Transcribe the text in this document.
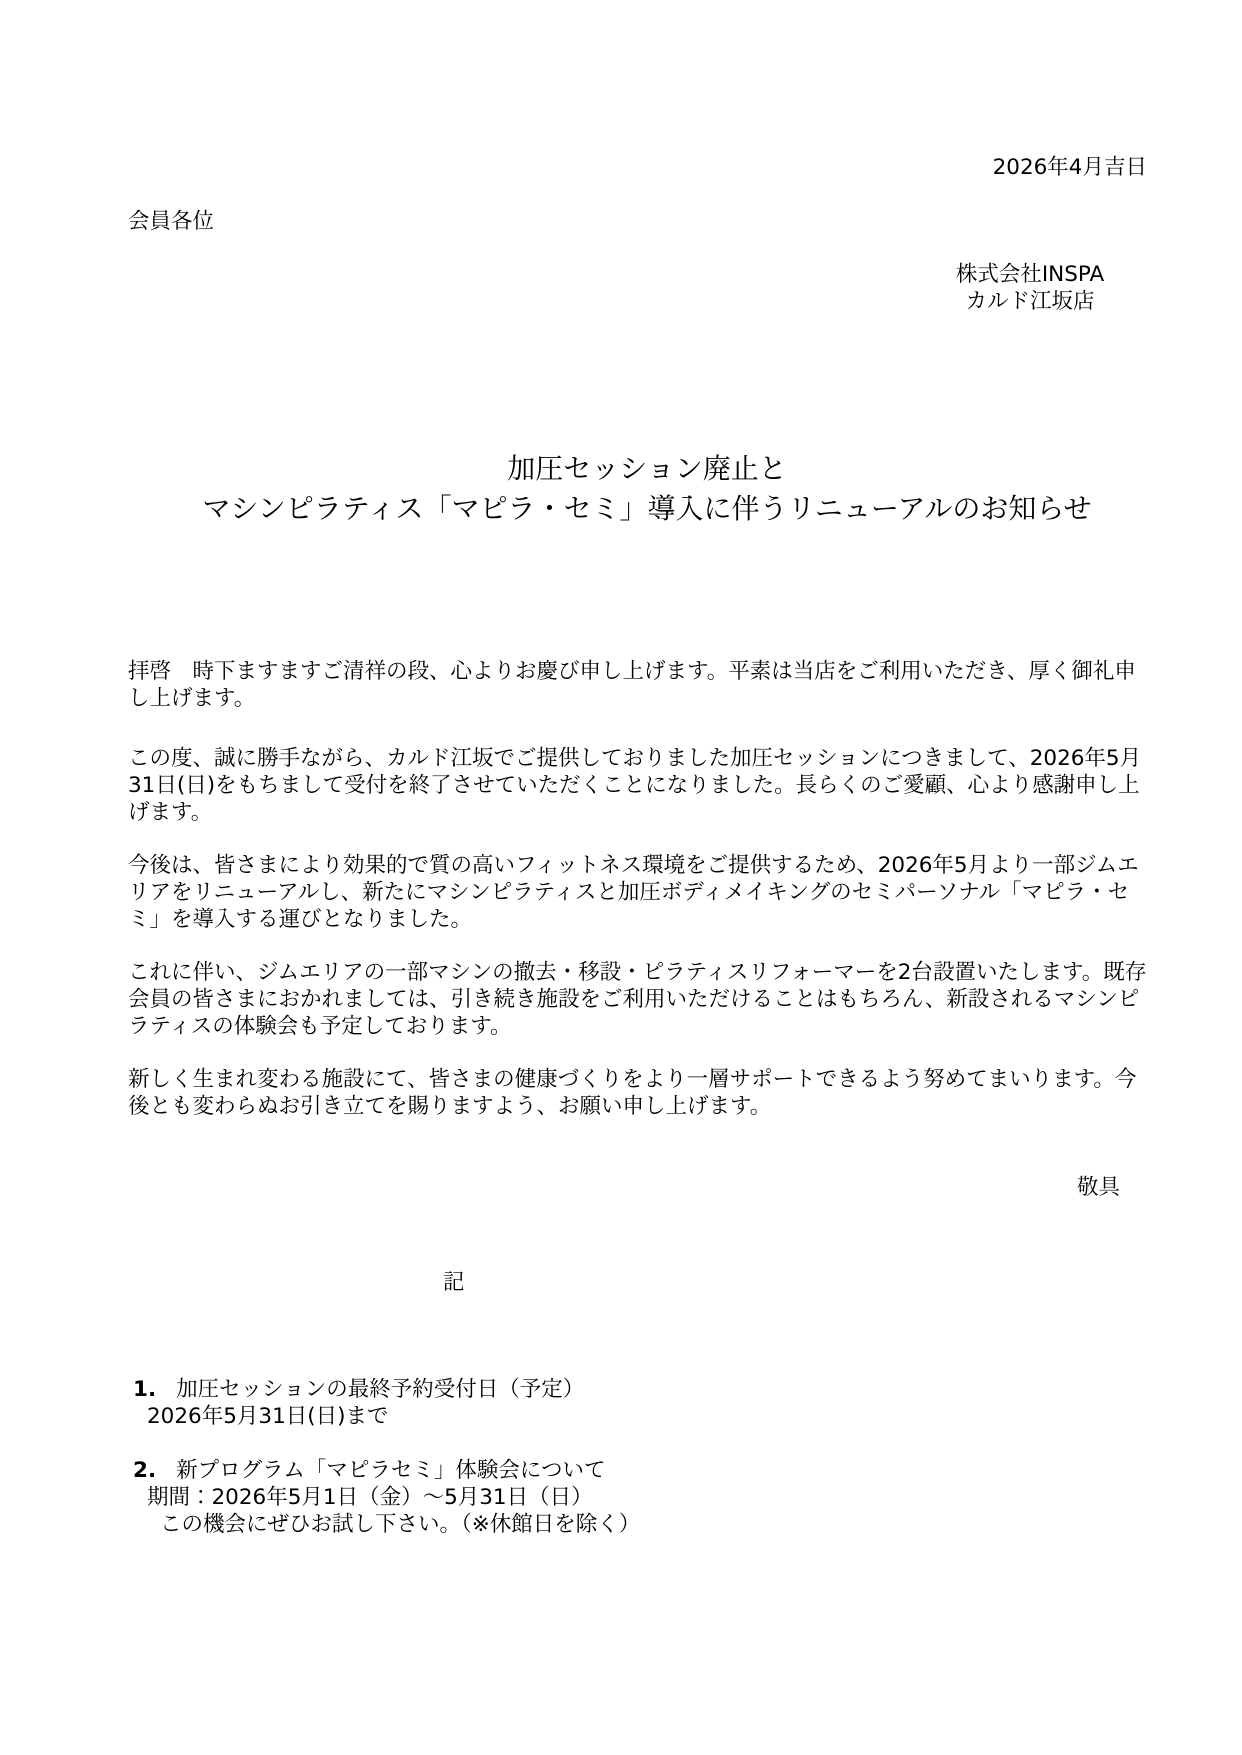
2026年4月吉日
会員各位
株式会社INSPA
カルド江坂店
加圧セッション廃止と
マシンピラティス「マピラ・セミ」導入に伴うリニューアルのお知らせ
拝啓　時下ますますご清祥の段、心よりお慶び申し上げます。平素は当店をご利用いただき、厚く御礼申し上げます。
この度、誠に勝手ながら、カルド江坂でご提供しておりました加圧セッションにつきまして、2026年5月31日(日)をもちまして受付を終了させていただくことになりました。長らくのご愛顧、心より感謝申し上げます。
今後は、皆さまにより効果的で質の高いフィットネス環境をご提供するため、2026年5月より一部ジムエリアをリニューアルし、新たにマシンピラティスと加圧ボディメイキングのセミパーソナル「マピラ・セミ」を導入する運びとなりました。
これに伴い、ジムエリアの一部マシンの撤去・移設・ピラティスリフォーマーを2台設置いたします。既存会員の皆さまにおかれましては、引き続き施設をご利用いただけることはもちろん、新設されるマシンピラティスの体験会も予定しております。
新しく生まれ変わる施設にて、皆さまの健康づくりをより一層サポートできるよう努めてまいります。今後とも変わらぬお引き立てを賜りますよう、お願い申し上げます。
敬具
記
1. 加圧セッションの最終予約受付日（予定）
2026年5月31日(日)まで
2. 新プログラム「マピラセミ」体験会について
期間：2026年5月1日（金）～5月31日（日）
この機会にぜひお試し下さい。（※休館日を除く）
